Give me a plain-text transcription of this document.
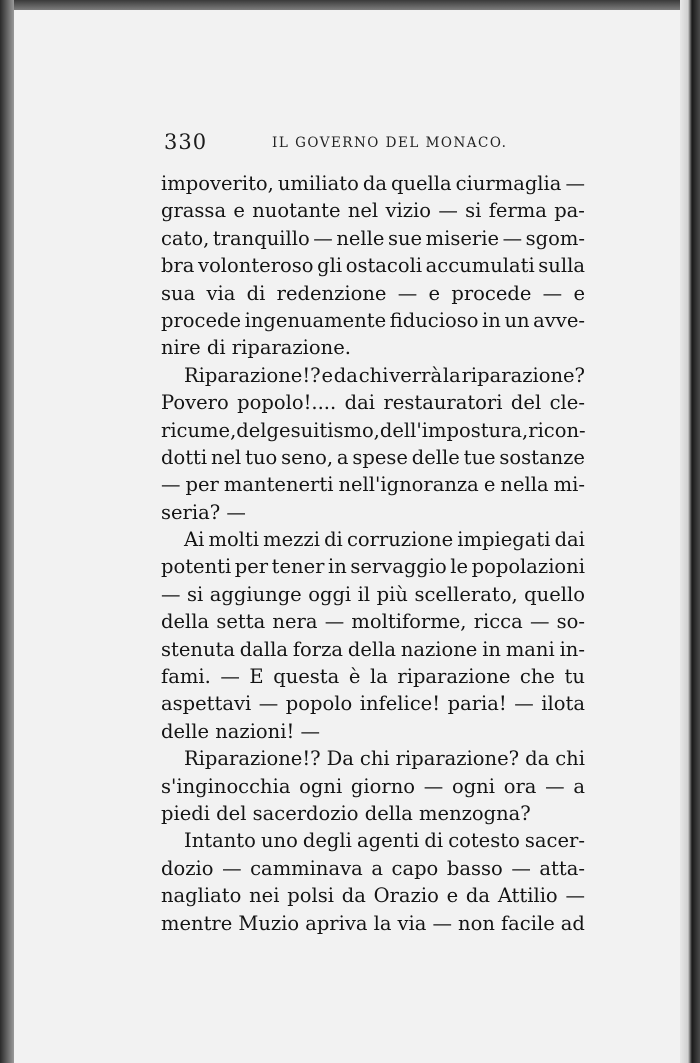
330	IL GOVERNO DEL MONACO.
impoverito, umiliato da quella ciurmaglia —
grassa e nuotante nel vizio — si ferma pa-
cato, tranquillo — nelle sue miserie — sgom-
bra volonteroso gli ostacoli accumulati sulla
sua via di redenzione — e procede — e
procede ingenuamente fiducioso in un avve-
nire di riparazione.
Riparazione!? e da chi verrà la riparazione?
Povero popolo!.... dai restauratori del cle-
ricume, del gesuitismo, dell'impostura, ricon-
dotti nel tuo seno, a spese delle tue sostanze
— per mantenerti nell'ignoranza e nella mi-
seria? —
Ai molti mezzi di corruzione impiegati dai
potenti per tener in servaggio le popolazioni
— si aggiunge oggi il più scellerato, quello
della setta nera — moltiforme, ricca — so-
stenuta dalla forza della nazione in mani in-
fami. — E questa è la riparazione che tu
aspettavi — popolo infelice! paria! — ilota
delle nazioni! —
Riparazione!? Da chi riparazione? da chi
s'inginocchia ogni giorno — ogni ora — a
piedi del sacerdozio della menzogna?
Intanto uno degli agenti di cotesto sacer-
dozio — camminava a capo basso — atta-
nagliato nei polsi da Orazio e da Attilio —
mentre Muzio apriva la via — non facile ad
